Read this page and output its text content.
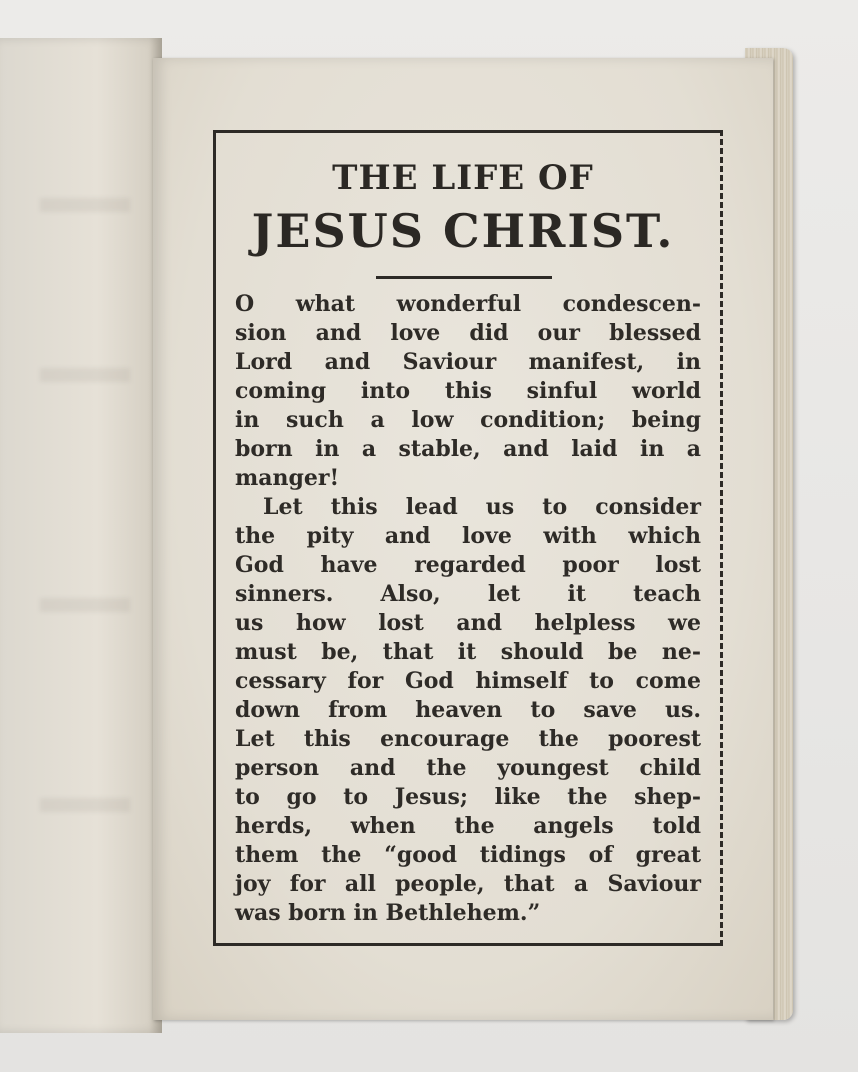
THE LIFE OF
JESUS CHRIST.
O what wonderful condescen-
sion and love did our blessed
Lord and Saviour manifest, in
coming into this sinful world
in such a low condition; being
born in a stable, and laid in a
manger!
Let this lead us to consider
the pity and love with which
God have regarded poor lost
sinners. Also, let it teach
us how lost and helpless we
must be, that it should be ne-
cessary for God himself to come
down from heaven to save us.
Let this encourage the poorest
person and the youngest child
to go to Jesus; like the shep-
herds, when the angels told
them the “good tidings of great
joy for all people, that a Saviour
was born in Bethlehem.”
